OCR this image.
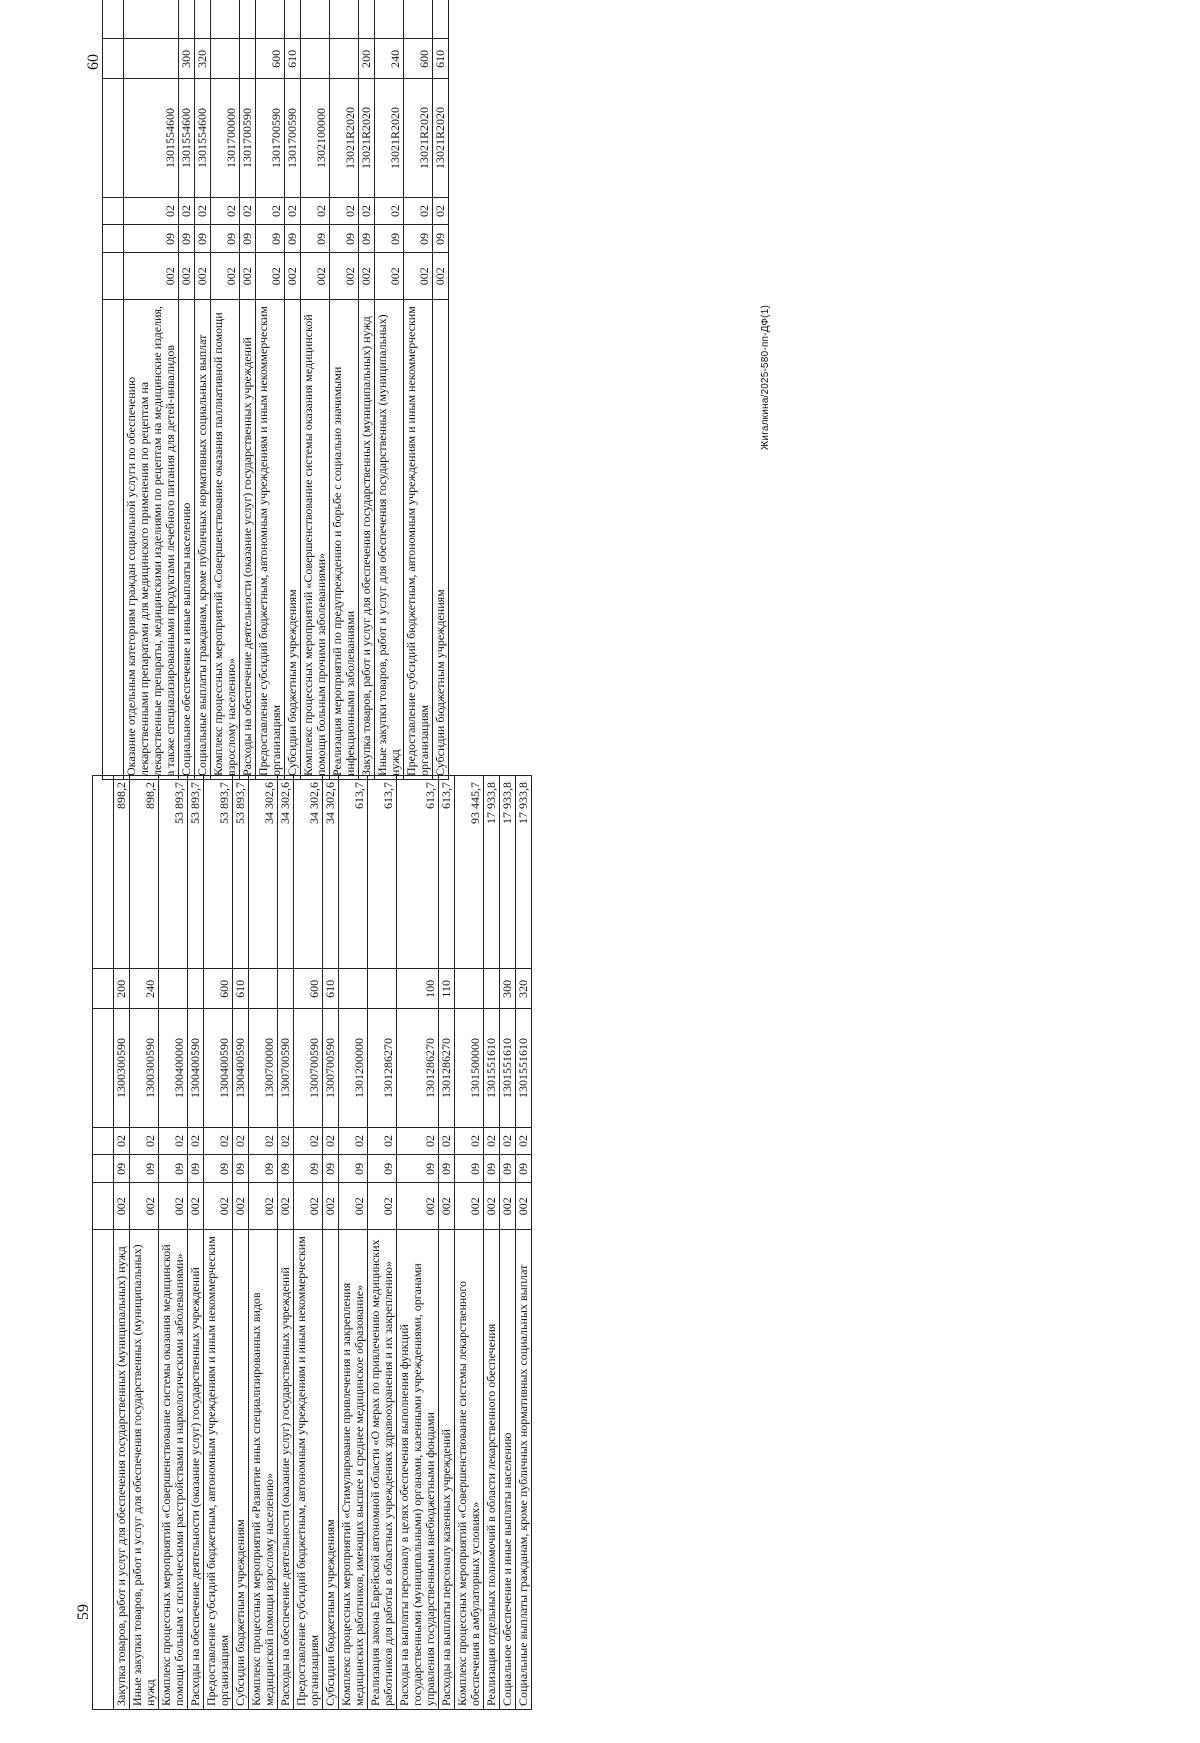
59
						Закупка товаров, работ и услуг для обеспечения государственных (муниципальных) нужд	002	09	02	1300300590	200	898,2
Иные закупки товаров, работ и услуг для обеспечения государственных (муниципальных) нужд	002	09	02	1300300590	240	898,2
Комплекс процессных мероприятий «Совершенствование системы оказания медицинской помощи больным с психическими расстройствами и наркологическими заболеваниями»	002	09	02	1300400000		53 893,7
Расходы на обеспечение деятельности (оказание услуг) государственных учреждений	002	09	02	1300400590		53 893,7
Предоставление субсидий бюджетным, автономным учреждениям и иным некоммерческим организациям	002	09	02	1300400590	600	53 893,7
Субсидии бюджетным учреждениям	002	09	02	1300400590	610	53 893,7
Комплекс процессных мероприятий «Развитие иных специализированных видов медицинской помощи взрослому населению»	002	09	02	1300700000		34 302,6
Расходы на обеспечение деятельности (оказание услуг) государственных учреждений	002	09	02	1300700590		34 302,6
Предоставление субсидий бюджетным, автономным учреждениям и иным некоммерческим организациям	002	09	02	1300700590	600	34 302,6
Субсидии бюджетным учреждениям	002	09	02	1300700590	610	34 302,6
Комплекс процессных мероприятий «Стимулирование привлечения и закрепления медицинских работников, имеющих высшее и среднее медицинское образование»	002	09	02	1301200000		613,7
Реализация закона Еврейской автономной области «О мерах по привлечению медицинских работников для работы в областных учреждениях здравоохранения и их закреплению»	002	09	02	1301286270		613,7
Расходы на выплаты персоналу в целях обеспечения выполнения функций государственными (муниципальными) органами, казенными учреждениями, органами управления государственными внебюджетными фондами	002	09	02	1301286270	100	613,7
Расходы на выплаты персоналу казенных учреждений	002	09	02	1301286270	110	613,7
Комплекс процессных мероприятий «Совершенствование системы лекарственного обеспечения в амбулаторных условиях»	002	09	02	1301500000		93 445,7
Реализация отдельных полномочий в области лекарственного обеспечения	002	09	02	1301551610		17 933,8
Социальное обеспечение и иные выплаты населению	002	09	02	1301551610	300	17 933,8
Социальные выплаты гражданам, кроме публичных нормативных социальных выплат	002	09	02	1301551610	320	17 933,8
Жигалкина/2025-580-пп-ДФ(1)
60

Оказание отдельным категориям граждан социальной услуги по обеспечению лекарственными препаратами для медицинского применения по рецептам на лекарственные препараты, медицинскими изделиями по рецептам на медицинские изделия, а также специализированными продуктами лечебного питания для детей-инвалидов	002	09	02	1301554600		
Социальное обеспечение и иные выплаты населению	002	09	02	1301554600	300	
Социальные выплаты гражданам, кроме публичных нормативных социальных выплат	002	09	02	1301554600	320	
Комплекс процессных мероприятий «Совершенствование оказания паллиативной помощи взрослому населению»	002	09	02	1301700000		
Расходы на обеспечение деятельности (оказание услуг) государственных учреждений	002	09	02	1301700590		
Предоставление субсидий бюджетным, автономным учреждениям и иным некоммерческим организациям	002	09	02	1301700590	600	
Субсидии бюджетным учреждениям	002	09	02	1301700590	610	
Комплекс процессных мероприятий «Совершенствование системы оказания медицинской помощи больным прочими заболеваниями»	002	09	02	1302100000		
Реализация мероприятий по предупреждению и борьбе с социально значимыми инфекционными заболеваниями	002	09	02	13021R2020		
Закупка товаров, работ и услуг для обеспечения государственных (муниципальных) нужд	002	09	02	13021R2020	200	
Иные закупки товаров, работ и услуг для обеспечения государственных (муниципальных) нужд	002	09	02	13021R2020	240	
Предоставление субсидий бюджетным, автономным учреждениям и иным некоммерческим организациям	002	09	02	13021R2020	600	
Субсидии бюджетным учреждениям	002	09	02	13021R2020	610	
